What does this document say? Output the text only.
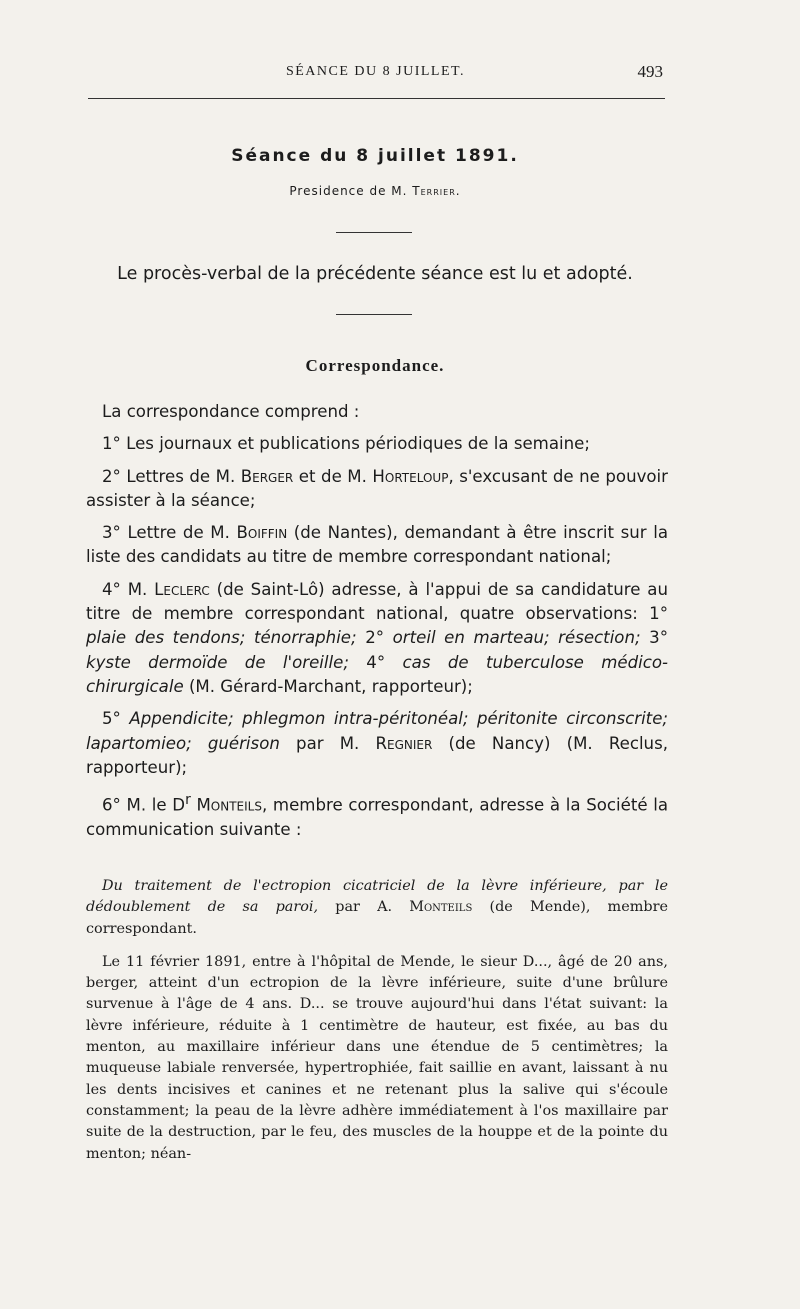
SÉANCE DU 8 JUILLET.	493
Séance du 8 juillet 1891.
Presidence de M. Terrier.
Le procès-verbal de la précédente séance est lu et adopté.
Correspondance.

La correspondance comprend :

1° Les journaux et publications périodiques de la semaine;

2° Lettres de M. Berger et de M. Horteloup, s'excusant de ne pouvoir assister à la séance;

3° Lettre de M. Boiffin (de Nantes), demandant à être inscrit sur la liste des candidats au titre de membre correspondant national;

4° M. Leclerc (de Saint-Lô) adresse, à l'appui de sa candidature au titre de membre correspondant national, quatre observations: 1° plaie des tendons; ténorraphie; 2° orteil en marteau; résection; 3° kyste dermoïde de l'oreille; 4° cas de tuberculose médico-chirurgicale (M. Gérard-Marchant, rapporteur);

5° Appendicite; phlegmon intra-péritonéal; péritonite circonscrite; lapartomieo; guérison par M. Regnier (de Nancy) (M. Reclus, rapporteur);

6° M. le $D^r$ Monteils, membre correspondant, adresse à la Société la communication suivante :

Du traitement de l'ectropion cicatriciel de la lèvre inférieure, par le dédoublement de sa paroi, par A. Monteils (de Mende), membre correspondant.

Le 11 février 1891, entre à l'hôpital de Mende, le sieur D..., âgé de 20 ans, berger, atteint d'un ectropion de la lèvre inférieure, suite d'une brûlure survenue à l'âge de 4 ans. D... se trouve aujourd'hui dans l'état suivant: la lèvre inférieure, réduite à 1 centimètre de hauteur, est fixée, au bas du menton, au maxillaire inférieur dans une étendue de 5 centimètres; la muqueuse labiale renversée, hypertrophiée, fait saillie en avant, laissant à nu les dents incisives et canines et ne retenant plus la salive qui s'écoule constamment; la peau de la lèvre adhère immédiatement à l'os maxillaire par suite de la destruction, par le feu, des muscles de la houppe et de la pointe du menton; néan-
